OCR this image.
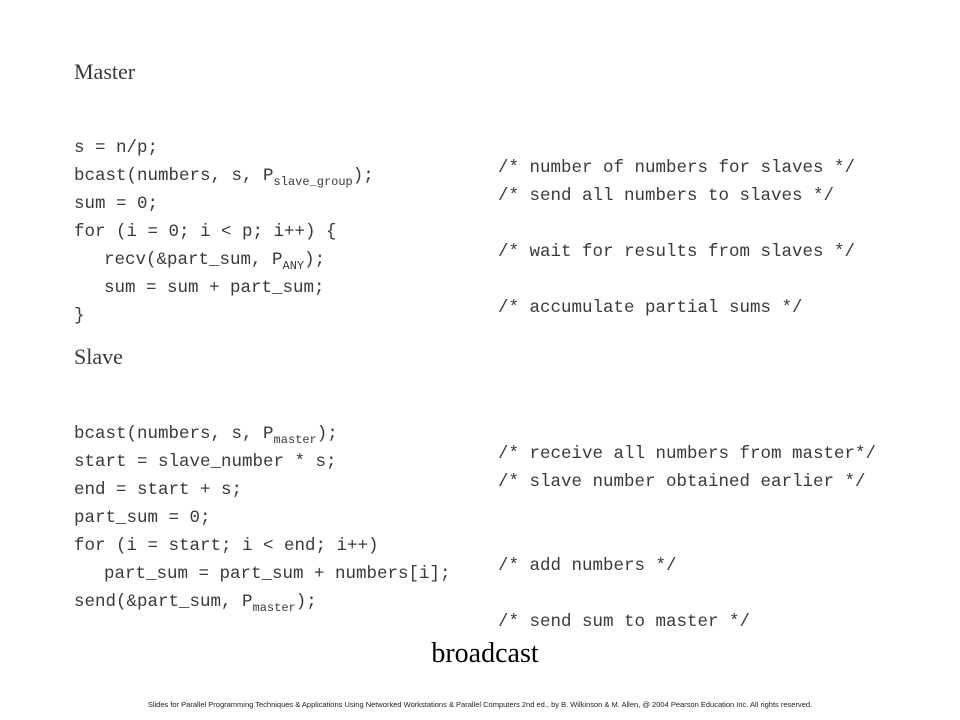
Master

s = n/p;

/* number of numbers for slaves */

bcast(numbers, s, $P_{slave\_group}$);

/* send all numbers to slaves */

sum = 0;

for (i = 0; i < p; i++) {

/* wait for results from slaves */

recv(&part_sum, $P_{ANY}$);

sum = sum + part_sum;

/* accumulate partial sums */

}

Slave

bcast(numbers, s, $P_{master}$);

/* receive all numbers from master*/

start = slave_number * s;

/* slave number obtained earlier */

end = start + s;

part_sum = 0;

for (i = start; i < end; i++)

/* add numbers */

part_sum = part_sum + numbers[i];

send(&part_sum, $P_{master}$);

/* send sum to master */

broadcast
Slides for Parallel Programming Techniques & Applications Using Networked Workstations & Parallel Computers 2nd ed., by B. Wilkinson & M. Allen, @ 2004 Pearson Education Inc. All rights reserved.
